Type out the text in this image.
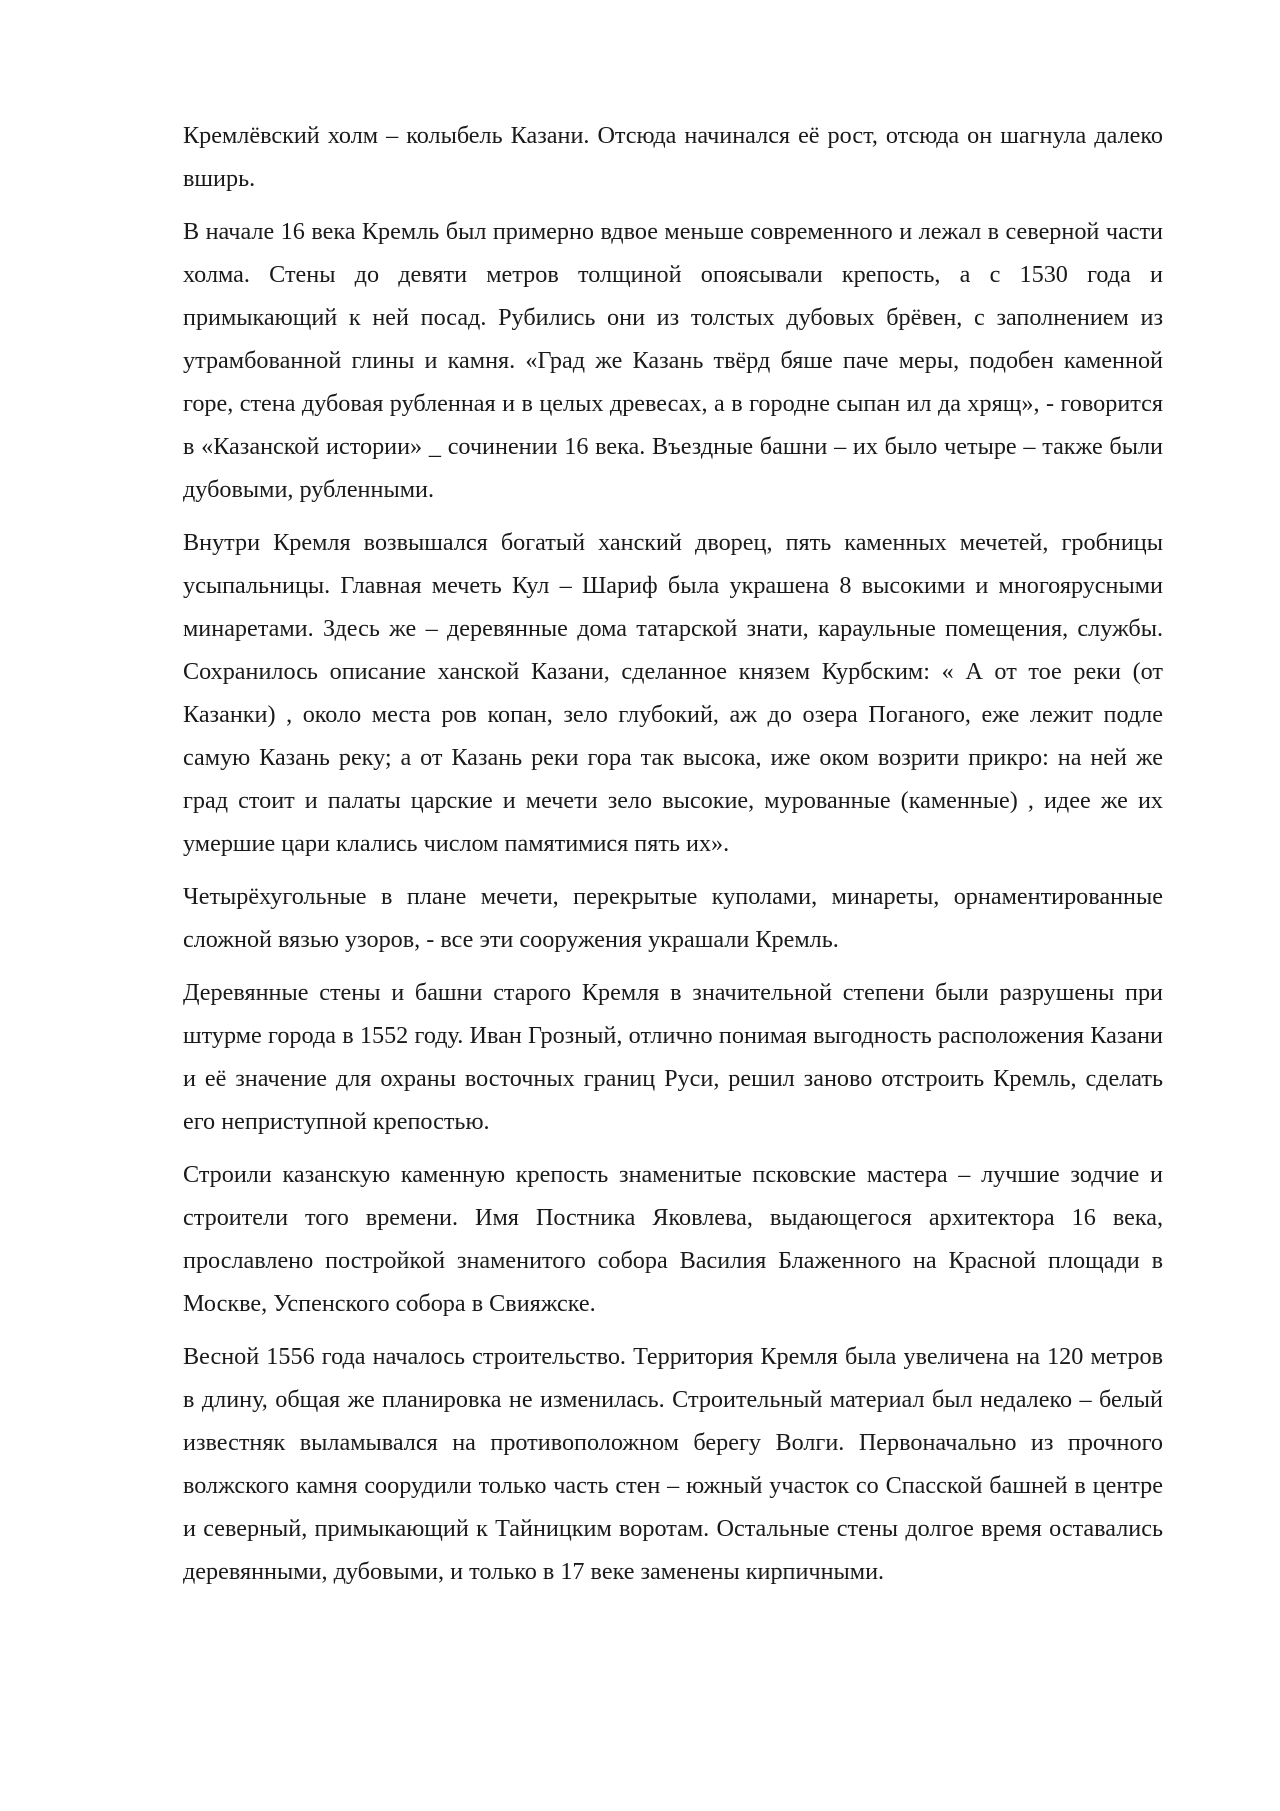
Кремлёвский холм – колыбель Казани. Отсюда начинался её рост, отсюда он шагнула далеко вширь.

В начале 16 века Кремль был примерно вдвое меньше современного и лежал в северной части холма. Стены до девяти метров толщиной опоясывали крепость, а с 1530 года и примыкающий к ней посад. Рубились они из толстых дубовых брёвен, с заполнением из утрамбованной глины и камня. «Град же Казань твёрд бяше паче меры, подобен каменной горе, стена дубовая рубленная и в целых древесах, а в городне сыпан ил да хрящ», - говорится в «Казанской истории» _ сочинении 16 века. Въездные башни – их было четыре – также были дубовыми, рубленными.

Внутри Кремля возвышался богатый ханский дворец, пять каменных мечетей, гробницы усыпальницы. Главная мечеть Кул – Шариф была украшена 8 высокими и многоярусными минаретами. Здесь же – деревянные дома татарской знати, караульные помещения, службы. Сохранилось описание ханской Казани, сделанное князем Курбским: « А от тое реки (от Казанки) , около места ров копан, зело глубокий, аж до озера Поганого, еже лежит подле самую Казань реку; а от Казань реки гора так высока, иже оком возрити прикро: на ней же град стоит и палаты царские и мечети зело высокие, мурованные (каменные) , идее же их умершие цари клались числом памятимися пять их».

Четырёхугольные в плане мечети, перекрытые куполами, минареты, орнаментированные сложной вязью узоров, - все эти сооружения украшали Кремль.

Деревянные стены и башни старого Кремля в значительной степени были разрушены при штурме города в 1552 году. Иван Грозный, отлично понимая выгодность расположения Казани и её значение для охраны восточных границ Руси, решил заново отстроить Кремль, сделать его неприступной крепостью.

Строили казанскую каменную крепость знаменитые псковские мастера – лучшие зодчие и строители того времени. Имя Постника Яковлева, выдающегося архитектора 16 века, прославлено постройкой знаменитого собора Василия Блаженного на Красной площади в Москве, Успенского собора в Свияжске.

Весной 1556 года началось строительство. Территория Кремля была увеличена на 120 метров в длину, общая же планировка не изменилась. Строительный материал был недалеко – белый известняк выламывался на противоположном берегу Волги. Первоначально из прочного волжского камня соорудили только часть стен – южный участок со Спасской башней в центре и северный, примыкающий к Тайницким воротам. Остальные стены долгое время оставались деревянными, дубовыми, и только в 17 веке заменены кирпичными.
